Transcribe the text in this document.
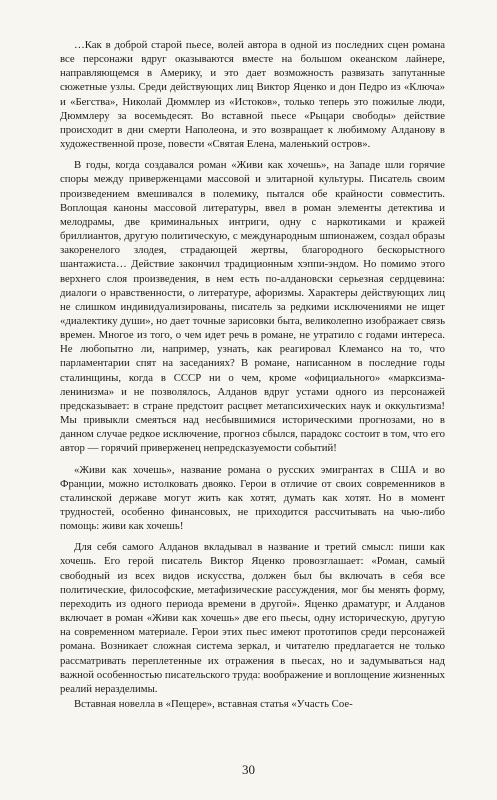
…Как в доброй старой пьесе, волей автора в одной из последних сцен романа все персонажи вдруг оказываются вместе на большом океанском лайнере, направляющемся в Америку, и это дает возможность развязать запутанные сюжетные узлы. Среди действующих лиц Виктор Яценко и дон Педро из «Ключа» и «Бегства», Николай Дюммлер из «Истоков», только теперь это пожилые люди, Дюммлеру за восемьдесят. Во вставной пьесе «Рыцари свободы» действие происходит в дни смерти Наполеона, и это возвращает к любимому Алданову в художественной прозе, повести «Святая Елена, маленький остров».

В годы, когда создавался роман «Живи как хочешь», на Западе шли горячие споры между приверженцами массовой и элитарной культуры. Писатель своим произведением вмешивался в полемику, пытался обе крайности совместить. Воплощая каноны массовой литературы, ввел в роман элементы детектива и мелодрамы, две криминальных интриги, одну с наркотиками и кражей бриллиантов, другую политическую, с международным шпионажем, создал образы закоренелого злодея, страдающей жертвы, благородного бескорыстного шантажиста… Действие закончил традиционным хэппи-эндом. Но помимо этого верхнего слоя произведения, в нем есть по-алдановски серьезная сердцевина: диалоги о нравственности, о литературе, афоризмы. Характеры действующих лиц не слишком индивидуализированы, писатель за редкими исключениями не ищет «диалектику души», но дает точные зарисовки быта, великолепно изображает связь времен. Многое из того, о чем идет речь в романе, не утратило с годами интереса. Не любопытно ли, например, узнать, как реагировал Клемансо на то, что парламентарии спят на заседаниях? В романе, написанном в последние годы сталинщины, когда в СССР ни о чем, кроме «официального» «марксизма-ленинизма» и не позволялось, Алданов вдруг устами одного из персонажей предсказывает: в стране предстоит расцвет метапсихических наук и оккультизма! Мы привыкли смеяться над несбывшимися историческими прогнозами, но в данном случае редкое исключение, прогноз сбылся, парадокс состоит в том, что его автор — горячий приверженец непредсказуемости событий!

«Живи как хочешь», название романа о русских эмигрантах в США и во Франции, можно истолковать двояко. Герои в отличие от своих современников в сталинской державе могут жить как хотят, думать как хотят. Но в момент трудностей, особенно финансовых, не приходится рассчитывать на чью-либо помощь: живи как хочешь!

Для себя самого Алданов вкладывал в название и третий смысл: пиши как хочешь. Его герой писатель Виктор Яценко провозглашает: «Роман, самый свободный из всех видов искусства, должен был бы включать в себя все политические, философские, метафизические рассуждения, мог бы менять форму, переходить из одного периода времени в другой». Яценко драматург, и Алданов включает в роман «Живи как хочешь» две его пьесы, одну историческую, другую на современном материале. Герои этих пьес имеют прототипов среди персонажей романа. Возникает сложная система зеркал, и читателю предлагается не только рассматривать переплетенные их отражения в пьесах, но и задумываться над важной особенностью писательского труда: воображение и воплощение жизненных реалий неразделимы.

Вставная новелла в «Пещере», вставная статья «Участь Сое-

30
